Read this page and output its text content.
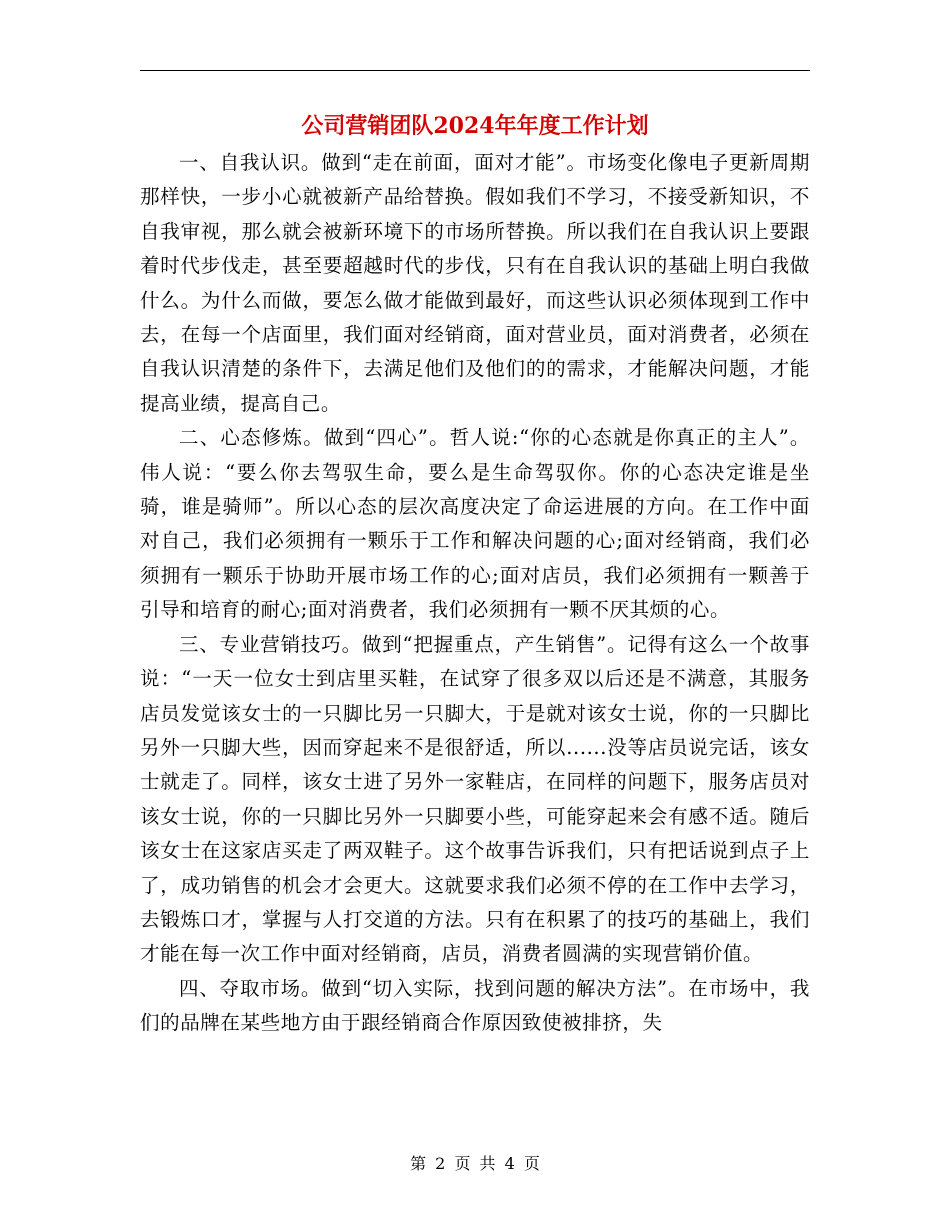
公司营销团队2024年年度工作计划

一、自我认识。做到“走在前面，面对才能”。市场变化像电子更新周期那样快，一步小心就被新产品给替换。假如我们不学习，不接受新知识，不自我审视，那么就会被新环境下的市场所替换。所以我们在自我认识上要跟着时代步伐走，甚至要超越时代的步伐，只有在自我认识的基础上明白我做什么。为什么而做，要怎么做才能做到最好，而这些认识必须体现到工作中去，在每一个店面里，我们面对经销商，面对营业员，面对消费者，必须在自我认识清楚的条件下，去满足他们及他们的的需求，才能解决问题，才能提高业绩，提高自己。

二、心态修炼。做到“四心”。哲人说:“你的心态就是你真正的主人”。伟人说：“要么你去驾驭生命，要么是生命驾驭你。你的心态决定谁是坐骑，谁是骑师”。所以心态的层次高度决定了命运进展的方向。在工作中面对自己，我们必须拥有一颗乐于工作和解决问题的心;面对经销商，我们必须拥有一颗乐于协助开展市场工作的心;面对店员，我们必须拥有一颗善于引导和培育的耐心;面对消费者，我们必须拥有一颗不厌其烦的心。

三、专业营销技巧。做到“把握重点，产生销售”。记得有这么一个故事说：“一天一位女士到店里买鞋，在试穿了很多双以后还是不满意，其服务店员发觉该女士的一只脚比另一只脚大，于是就对该女士说，你的一只脚比另外一只脚大些，因而穿起来不是很舒适，所以......没等店员说完话，该女士就走了。同样，该女士进了另外一家鞋店，在同样的问题下，服务店员对该女士说，你的一只脚比另外一只脚要小些，可能穿起来会有感不适。随后该女士在这家店买走了两双鞋子。这个故事告诉我们，只有把话说到点子上了，成功销售的机会才会更大。这就要求我们必须不停的在工作中去学习，去锻炼口才，掌握与人打交道的方法。只有在积累了的技巧的基础上，我们才能在每一次工作中面对经销商，店员，消费者圆满的实现营销价值。

四、夺取市场。做到“切入实际，找到问题的解决方法”。在市场中，我们的品牌在某些地方由于跟经销商合作原因致使被排挤，失

第 2 页 共 4 页
